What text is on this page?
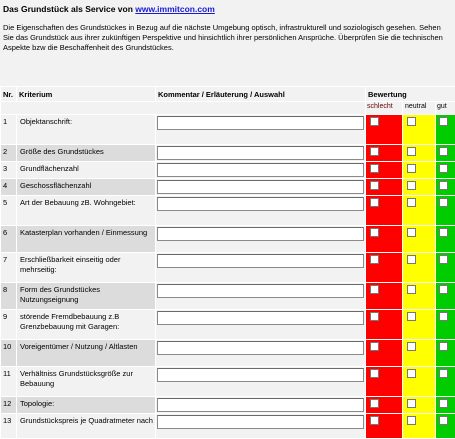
Das Grundstück als Service von www.immitcon.com
Die Eigenschaften des Grundstückes in Bezug auf die nächste Umgebung optisch, infrastrukturell und soziologisch gesehen. Sehen Sie das Grundstück aus ihrer zukünftigen Perspektive und hinsichtlich ihrer persönlichen Ansprüche. Überprüfen Sie die technischen Aspekte bzw die Beschaffenheit des Grundstückes.
Nr.	Kriterium	Kommentar / Erläuterung / Auswahl	Bewertung		
			schlecht	neutral	gut
1	Objektanschrift:	

2	Größe des Grundstückes	

3	Grundflächenzahl	

4	Geschossflächenzahl	

5	Art der Bebauung zB. Wohngebiet:	

6	Katasterplan vorhanden / Einmessung	

7	Erschließbarkeit einseitig oder mehrseitig:	

8	Form des Grundstückes Nutzungseignung	

9	störende Fremdbebauung z.B Grenzbebauung mit Garagen:	

10	Voreigentümer / Nutzung / Altlasten	

11	Verhältniss Grundstücksgröße zur Bebauung	

12	Topologie:	

13	Grundstückspreis je Quadratmeter nach	
